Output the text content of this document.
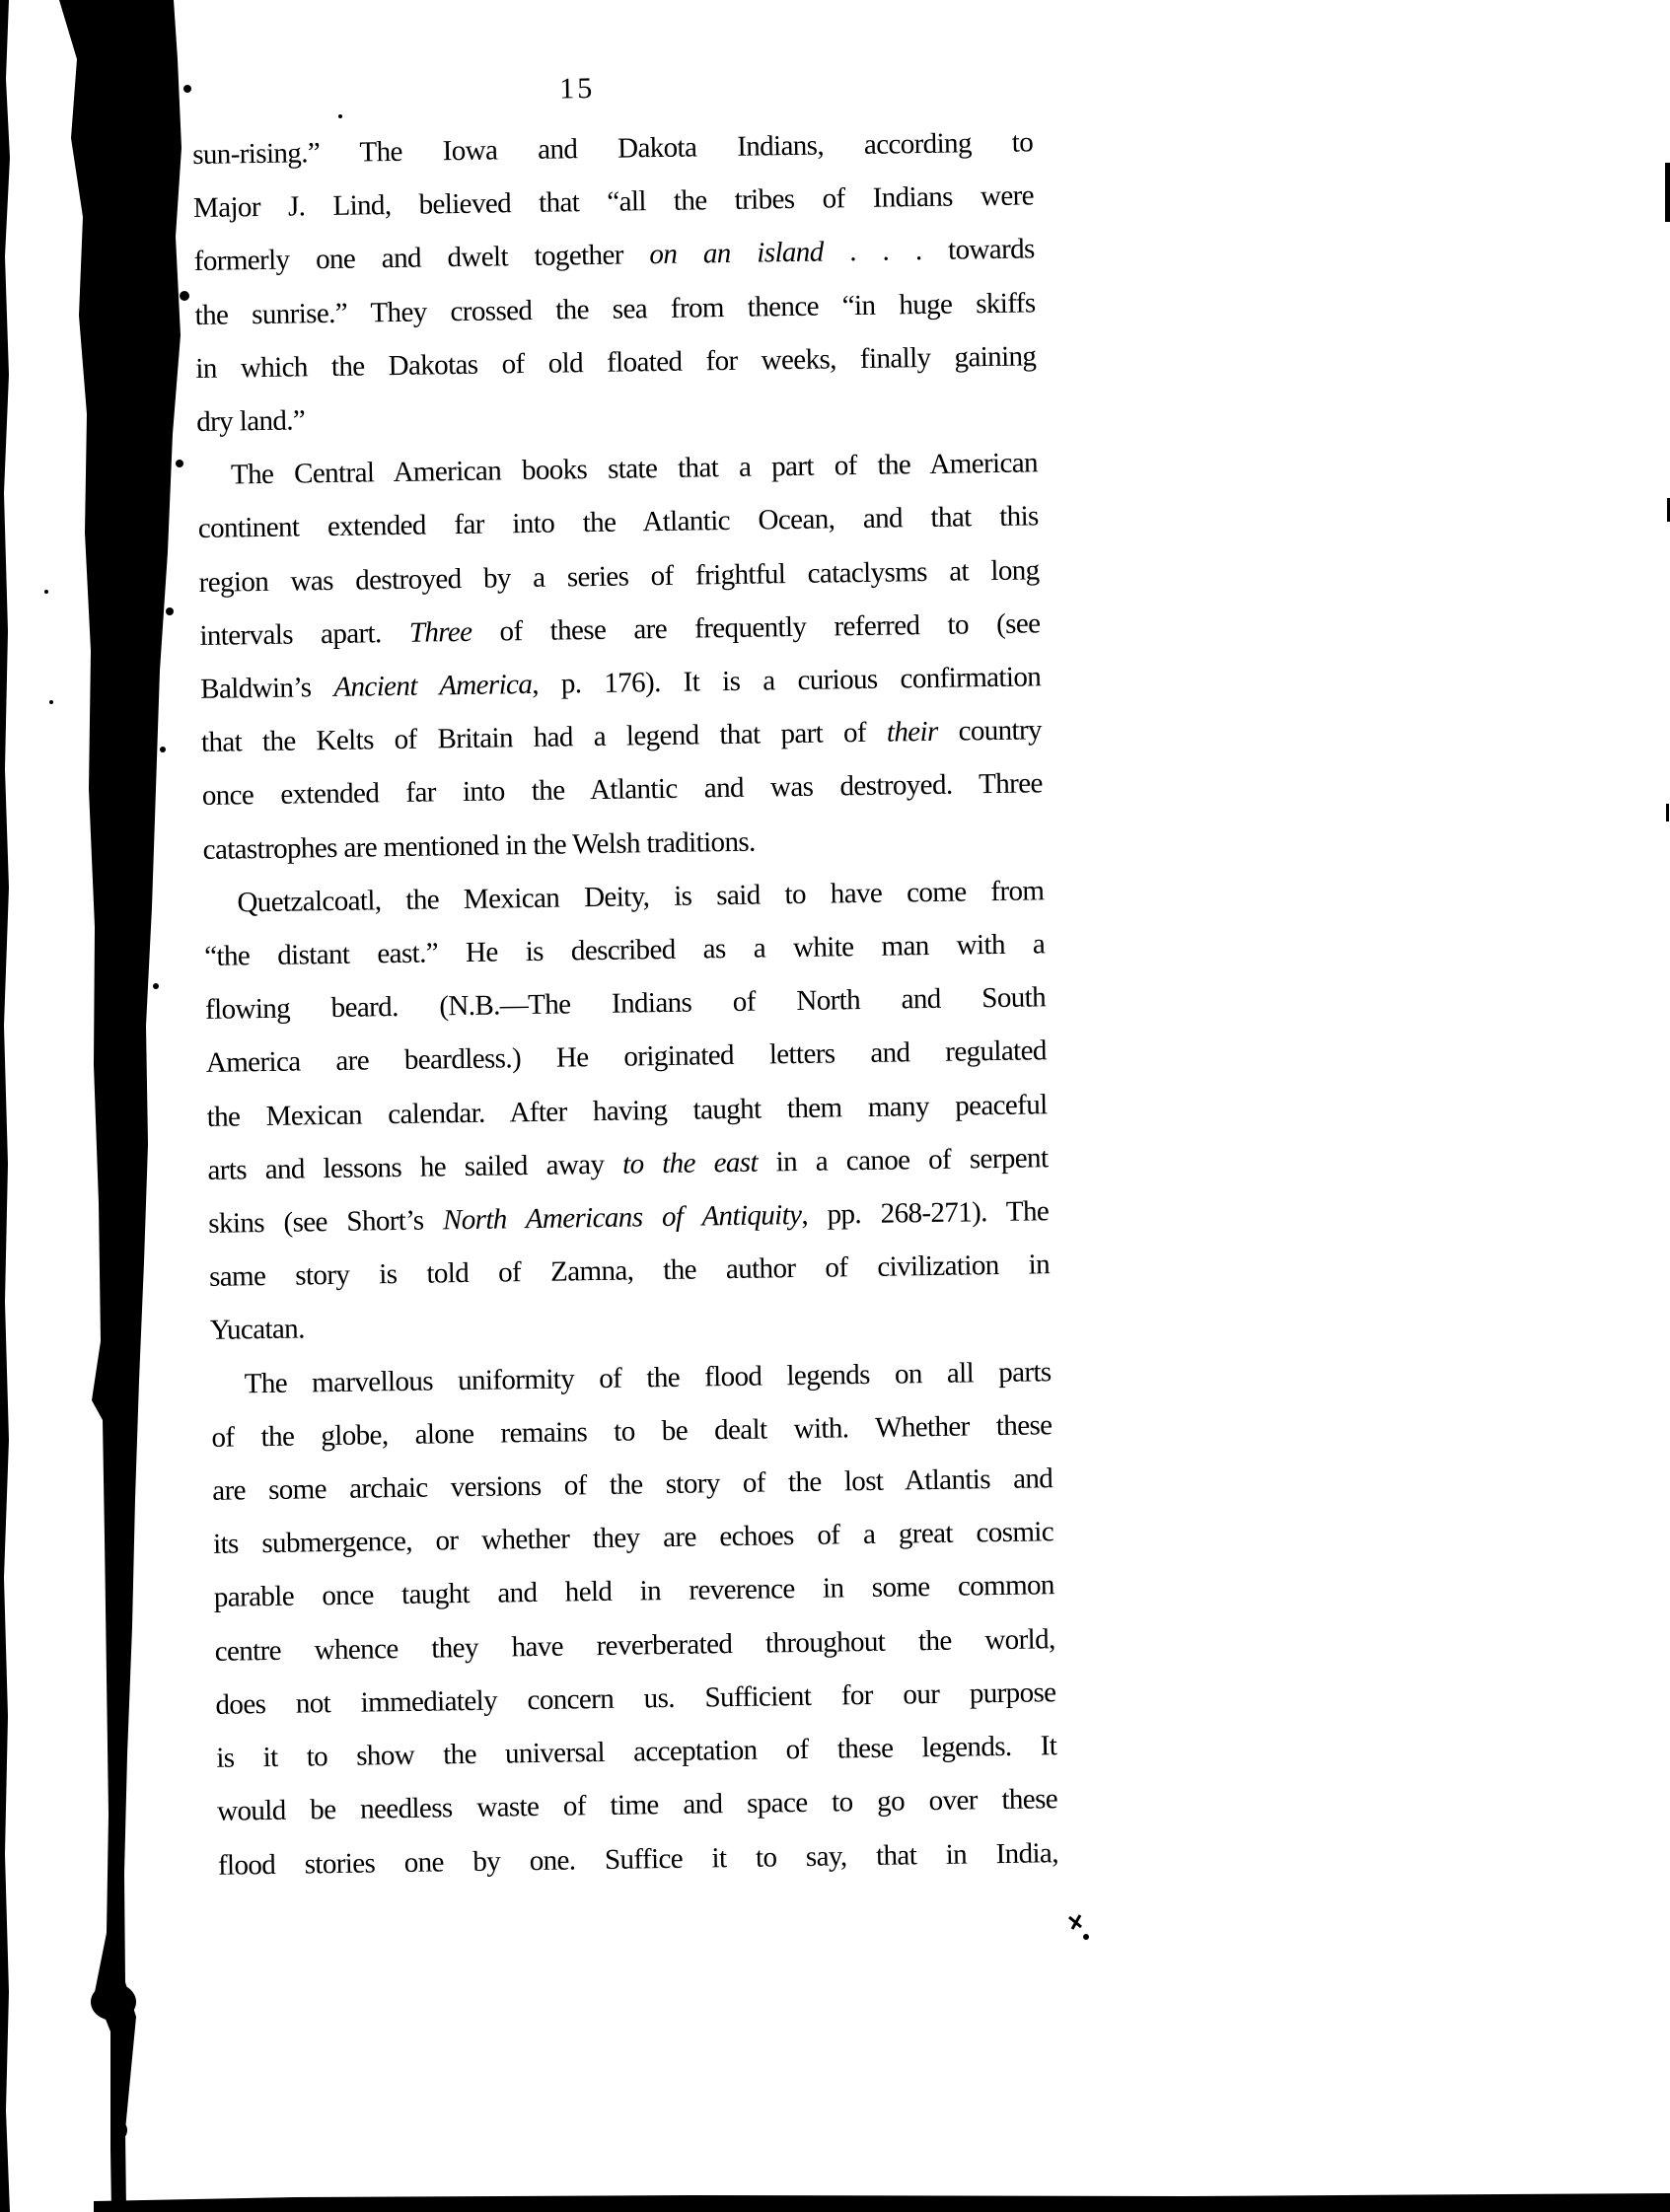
15

sun-rising.” The Iowa and Dakota Indians, according to
Major J. Lind, believed that “all the tribes of Indians were
formerly one and dwelt together on an island . . . towards
the sunrise.” They crossed the sea from thence “in huge skiffs
in which the Dakotas of old floated for weeks, finally gaining
dry land.”

The Central American books state that a part of the American
continent extended far into the Atlantic Ocean, and that this
region was destroyed by a series of frightful cataclysms at long
intervals apart. Three of these are frequently referred to (see
Baldwin’s Ancient America, p. 176). It is a curious confirmation
that the Kelts of Britain had a legend that part of their country
once extended far into the Atlantic and was destroyed. Three
catastrophes are mentioned in the Welsh traditions.

Quetzalcoatl, the Mexican Deity, is said to have come from
“the distant east.” He is described as a white man with a
flowing beard. (N.B.—The Indians of North and South
America are beardless.) He originated letters and regulated
the Mexican calendar. After having taught them many peaceful
arts and lessons he sailed away to the east in a canoe of serpent
skins (see Short’s North Americans of Antiquity, pp. 268-271). The
same story is told of Zamna, the author of civilization in
Yucatan.

The marvellous uniformity of the flood legends on all parts
of the globe, alone remains to be dealt with. Whether these
are some archaic versions of the story of the lost Atlantis and
its submergence, or whether they are echoes of a great cosmic
parable once taught and held in reverence in some common
centre whence they have reverberated throughout the world,
does not immediately concern us. Sufficient for our purpose
is it to show the universal acceptation of these legends. It
would be needless waste of time and space to go over these
flood stories one by one. Suffice it to say, that in India,
